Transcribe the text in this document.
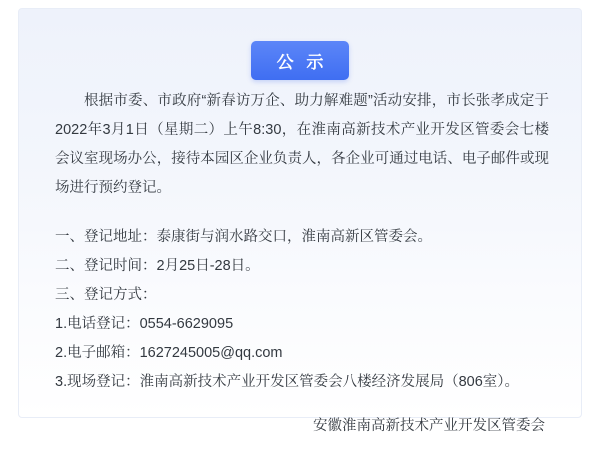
公 示

根据市委、市政府“新春访万企、助力解难题”活动安排，市长张孝成定于2022年3月1日（星期二）上午8:30，在淮南高新技术产业开发区管委会七楼会议室现场办公，接待本园区企业负责人，各企业可通过电话、电子邮件或现场进行预约登记。

一、登记地址：泰康街与润水路交口，淮南高新区管委会。

二、登记时间：2月25日-28日。

三、登记方式：

1.电话登记：0554-6629095

2.电子邮箱：1627245005@qq.com

3.现场登记：淮南高新技术产业开发区管委会八楼经济发展局（806室）。

安徽淮南高新技术产业开发区管委会
